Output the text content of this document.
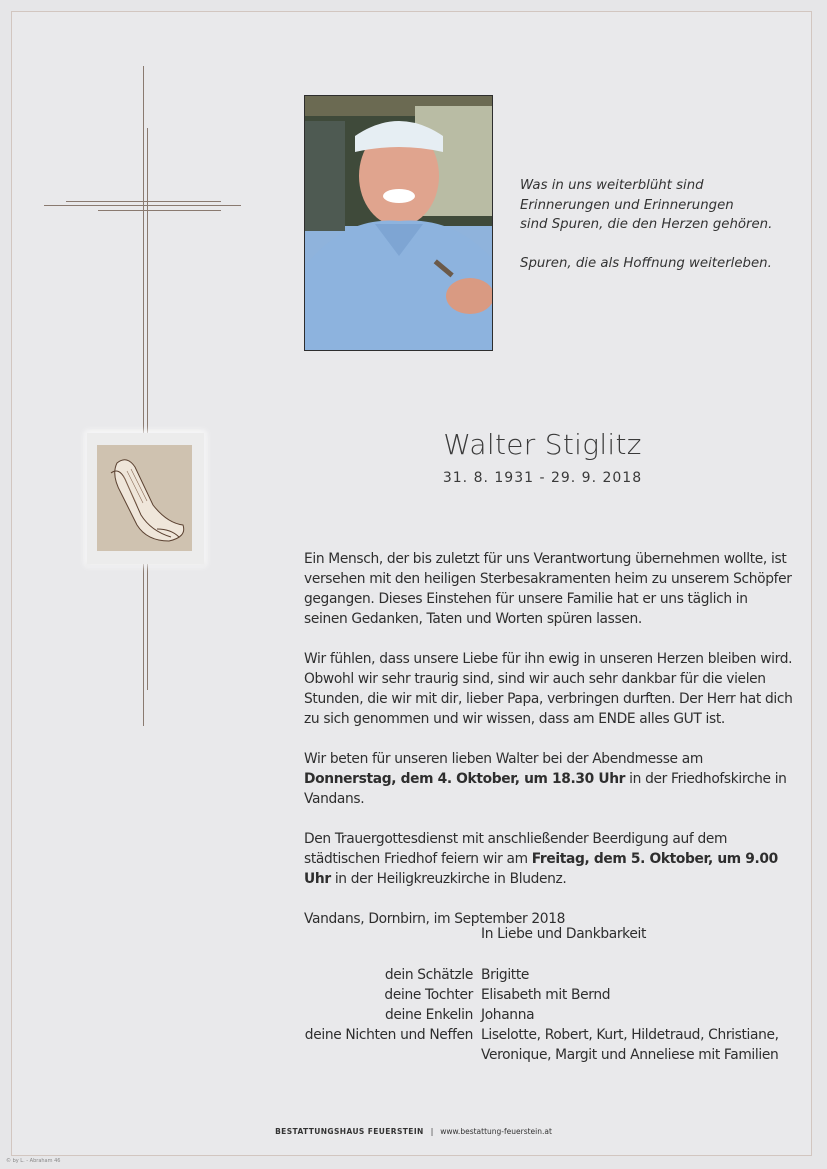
Was in uns weiterblüht sind
Erinnerungen und Erinnerungen
sind Spuren, die den Herzen gehören.

Spuren, die als Hoffnung weiterleben.

Walter Stiglitz
31. 8. 1931 - 29. 9. 2018

Ein Mensch, der bis zuletzt für uns Verantwortung übernehmen wollte, ist versehen mit den heiligen Sterbesakramenten heim zu unserem Schöpfer gegangen. Dieses Einstehen für unsere Familie hat er uns täglich in seinen Gedanken, Taten und Worten spüren lassen.

Wir fühlen, dass unsere Liebe für ihn ewig in unseren Herzen bleiben wird. Obwohl wir sehr traurig sind, sind wir auch sehr dankbar für die vielen Stunden, die wir mit dir, lieber Papa, verbringen durften. Der Herr hat dich zu sich genommen und wir wissen, dass am ENDE alles GUT ist.

Wir beten für unseren lieben Walter bei der Abendmesse am Donnerstag, dem 4. Oktober, um 18.30 Uhr in der Friedhofskirche in Vandans.

Den Trauergottesdienst mit anschließender Beerdigung auf dem städtischen Friedhof feiern wir am Freitag, dem 5. Oktober, um 9.00 Uhr in der Heiligkreuzkirche in Bludenz.

Vandans, Dornbirn, im September 2018

In Liebe und Dankbarkeit
dein Schätzle Brigitte
deine Tochter Elisabeth mit Bernd
deine Enkelin Johanna
deine Nichten und Neffen Liselotte, Robert, Kurt, Hildetraud, Christiane, Veronique, Margit und Anneliese mit Familien
BESTATTUNGSHAUS FEUERSTEIN | www.bestattung-feuerstein.at
© by L. - Abraham 46
